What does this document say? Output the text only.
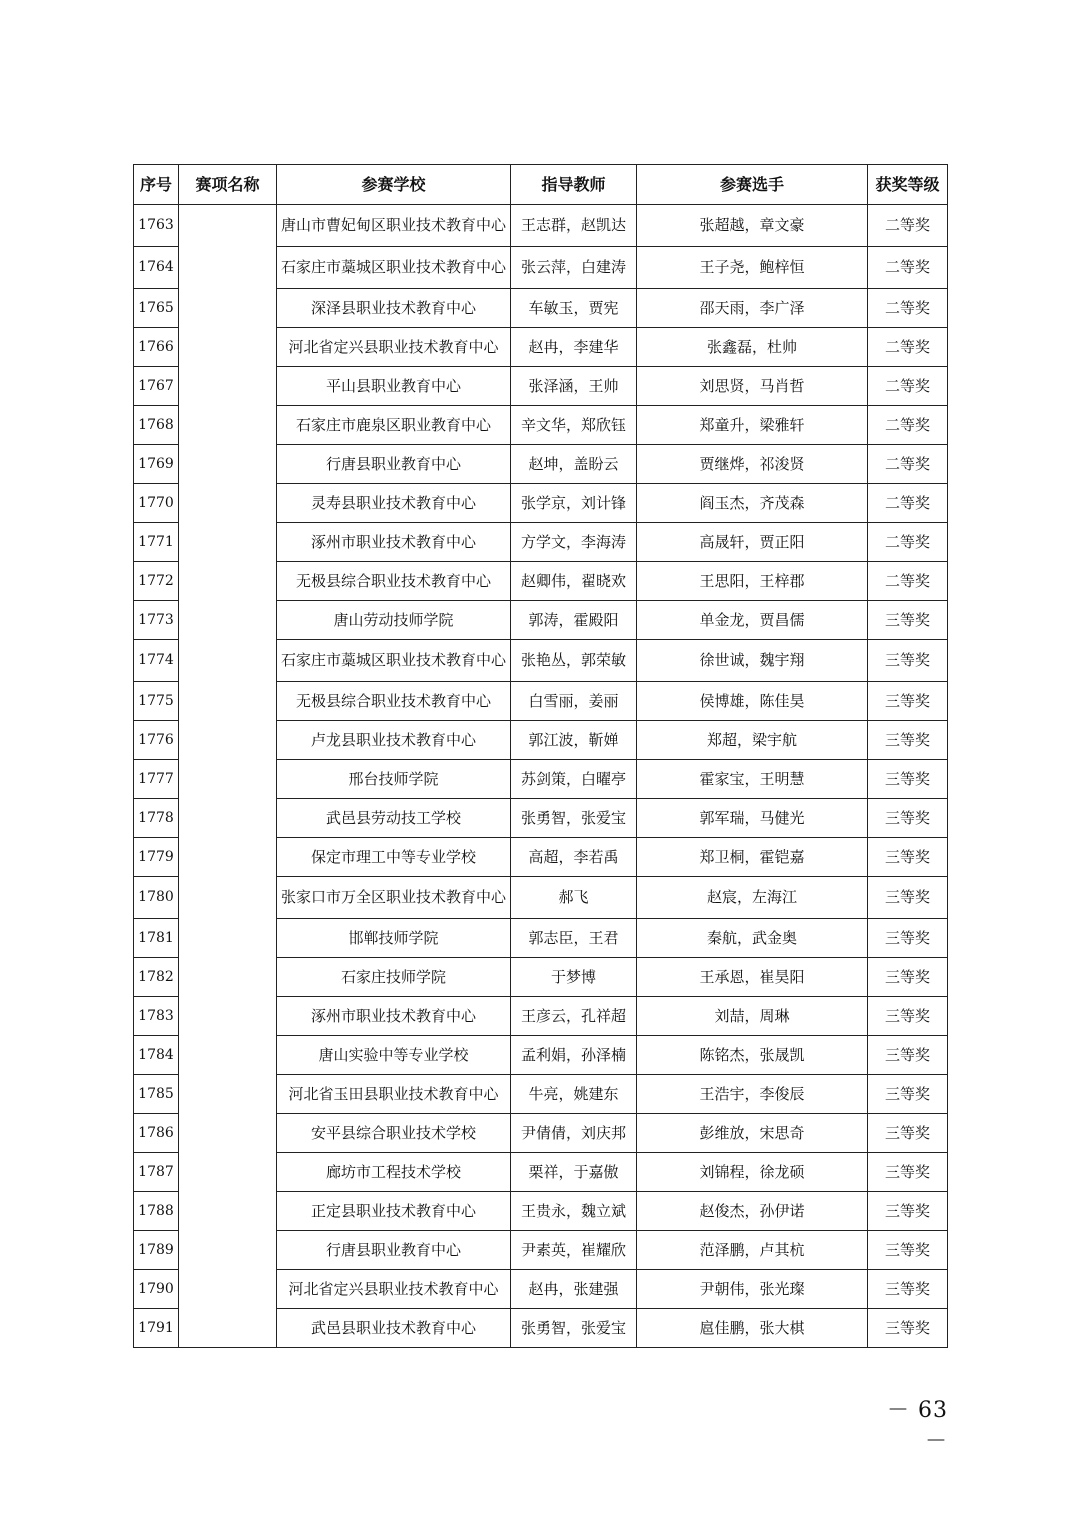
序号	赛项名称	参赛学校	指导教师	参赛选手	获奖等级
1763		唐山市曹妃甸区职业技术教育中心	王志群，赵凯达	张超越，章文豪	二等奖
1764		石家庄市藁城区职业技术教育中心	张云萍，白建涛	王子尧，鲍梓恒	二等奖
1765		深泽县职业技术教育中心	车敏玉，贾宪	邵天雨，李广泽	二等奖
1766		河北省定兴县职业技术教育中心	赵冉，李建华	张鑫磊，杜帅	二等奖
1767		平山县职业教育中心	张泽涵，王帅	刘思贤，马肖哲	二等奖
1768		石家庄市鹿泉区职业教育中心	辛文华，郑欣钰	郑童升，梁雅轩	二等奖
1769		行唐县职业教育中心	赵坤，盖盼云	贾继烨，祁浚贤	二等奖
1770		灵寿县职业技术教育中心	张学京，刘计锋	阎玉杰，齐茂森	二等奖
1771		涿州市职业技术教育中心	方学文，李海涛	高晟轩，贾正阳	二等奖
1772		无极县综合职业技术教育中心	赵卿伟，翟晓欢	王思阳，王梓郡	二等奖
1773		唐山劳动技师学院	郭涛，霍殿阳	单金龙，贾昌儒	三等奖
1774		石家庄市藁城区职业技术教育中心	张艳丛，郭荣敏	徐世诚，魏宇翔	三等奖
1775		无极县综合职业技术教育中心	白雪丽，姜丽	侯博雄，陈佳昊	三等奖
1776		卢龙县职业技术教育中心	郭江波，靳婵	郑超，梁宇航	三等奖
1777		邢台技师学院	苏剑策，白曜亭	霍家宝，王明慧	三等奖
1778		武邑县劳动技工学校	张勇智，张爱宝	郭军瑞，马健光	三等奖
1779		保定市理工中等专业学校	高超，李若禹	郑卫桐，霍铠嘉	三等奖
1780		张家口市万全区职业技术教育中心	郝飞	赵宸，左海江	三等奖
1781		邯郸技师学院	郭志臣，王君	秦航，武金奥	三等奖
1782		石家庄技师学院	于梦博	王承恩，崔昊阳	三等奖
1783		涿州市职业技术教育中心	王彦云，孔祥超	刘喆，周琳	三等奖
1784		唐山实验中等专业学校	孟利娟，孙泽楠	陈铭杰，张晟凯	三等奖
1785		河北省玉田县职业技术教育中心	牛亮，姚建东	王浩宇，李俊辰	三等奖
1786		安平县综合职业技术学校	尹倩倩，刘庆邦	彭维放，宋思奇	三等奖
1787		廊坊市工程技术学校	栗祥，于嘉傲	刘锦程，徐龙硕	三等奖
1788		正定县职业技术教育中心	王贵永，魏立斌	赵俊杰，孙伊诺	三等奖
1789		行唐县职业教育中心	尹素英，崔耀欣	范泽鹏，卢其杭	三等奖
1790		河北省定兴县职业技术教育中心	赵冉，张建强	尹朝伟，张光璨	三等奖
1791		武邑县职业技术教育中心	张勇智，张爱宝	扈佳鹏，张大棋	三等奖
－ 63 －
